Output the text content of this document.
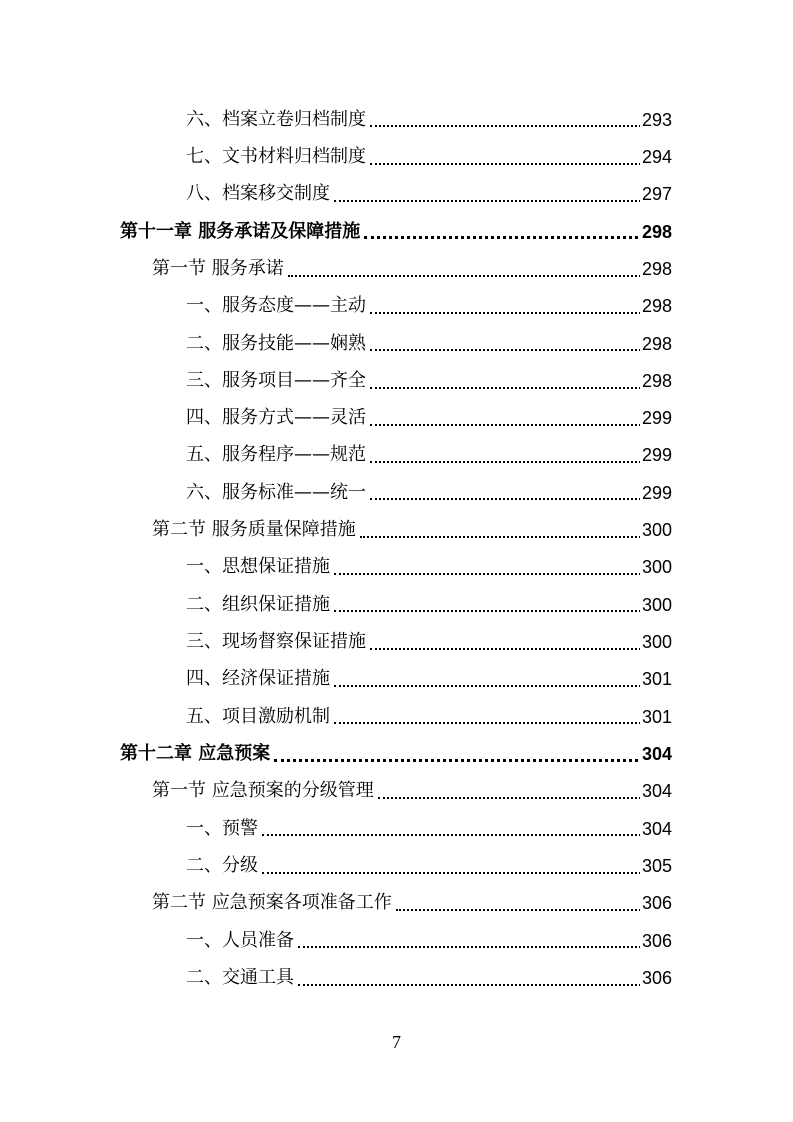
六、档案立卷归档制度	293
七、文书材料归档制度	294
八、档案移交制度	297
第十一章 服务承诺及保障措施	298
第一节 服务承诺	298
一、服务态度——主动	298
二、服务技能——娴熟	298
三、服务项目——齐全	298
四、服务方式——灵活	299
五、服务程序——规范	299
六、服务标准——统一	299
第二节 服务质量保障措施	300
一、思想保证措施	300
二、组织保证措施	300
三、现场督察保证措施	300
四、经济保证措施	301
五、项目激励机制	301
第十二章 应急预案	304
第一节 应急预案的分级管理	304
一、预警	304
二、分级	305
第二节 应急预案各项准备工作	306
一、人员准备	306
二、交通工具	306
7
